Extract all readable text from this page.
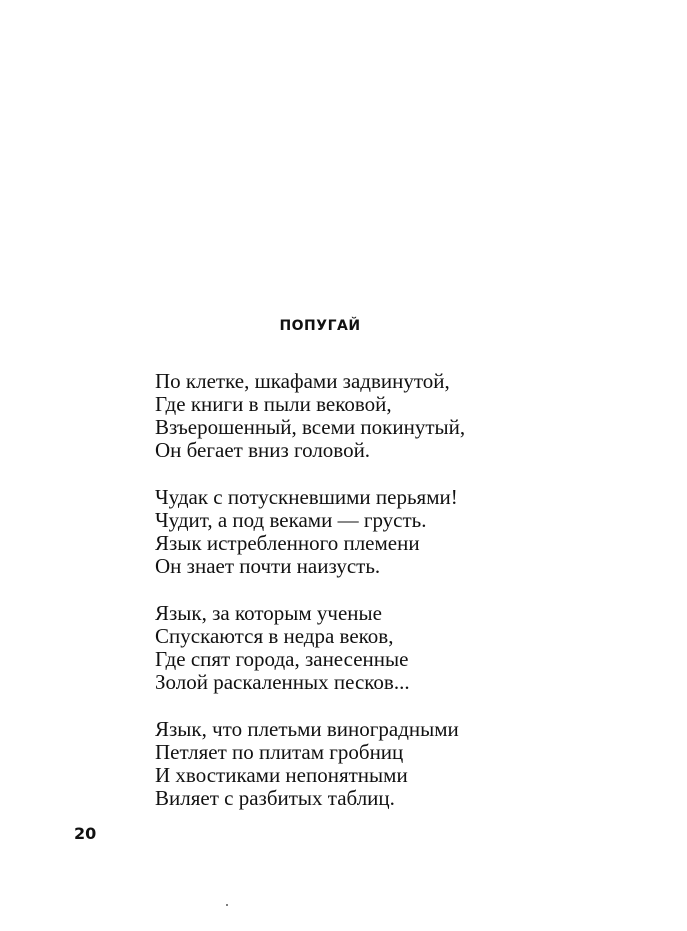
ПОПУГАЙ
По клетке, шкафами задвинутой,
Где книги в пыли вековой,
Взъерошенный, всеми покинутый,
Он бегает вниз головой.
Чудак с потускневшими перьями!
Чудит, а под веками — грусть.
Язык истребленного племени
Он знает почти наизусть.
Язык, за которым ученые
Спускаются в недра веков,
Где спят города, занесенные
Золой раскаленных песков...
Язык, что плетьми виноградными
Петляет по плитам гробниц
И хвостиками непонятными
Виляет с разбитых таблиц.
20
